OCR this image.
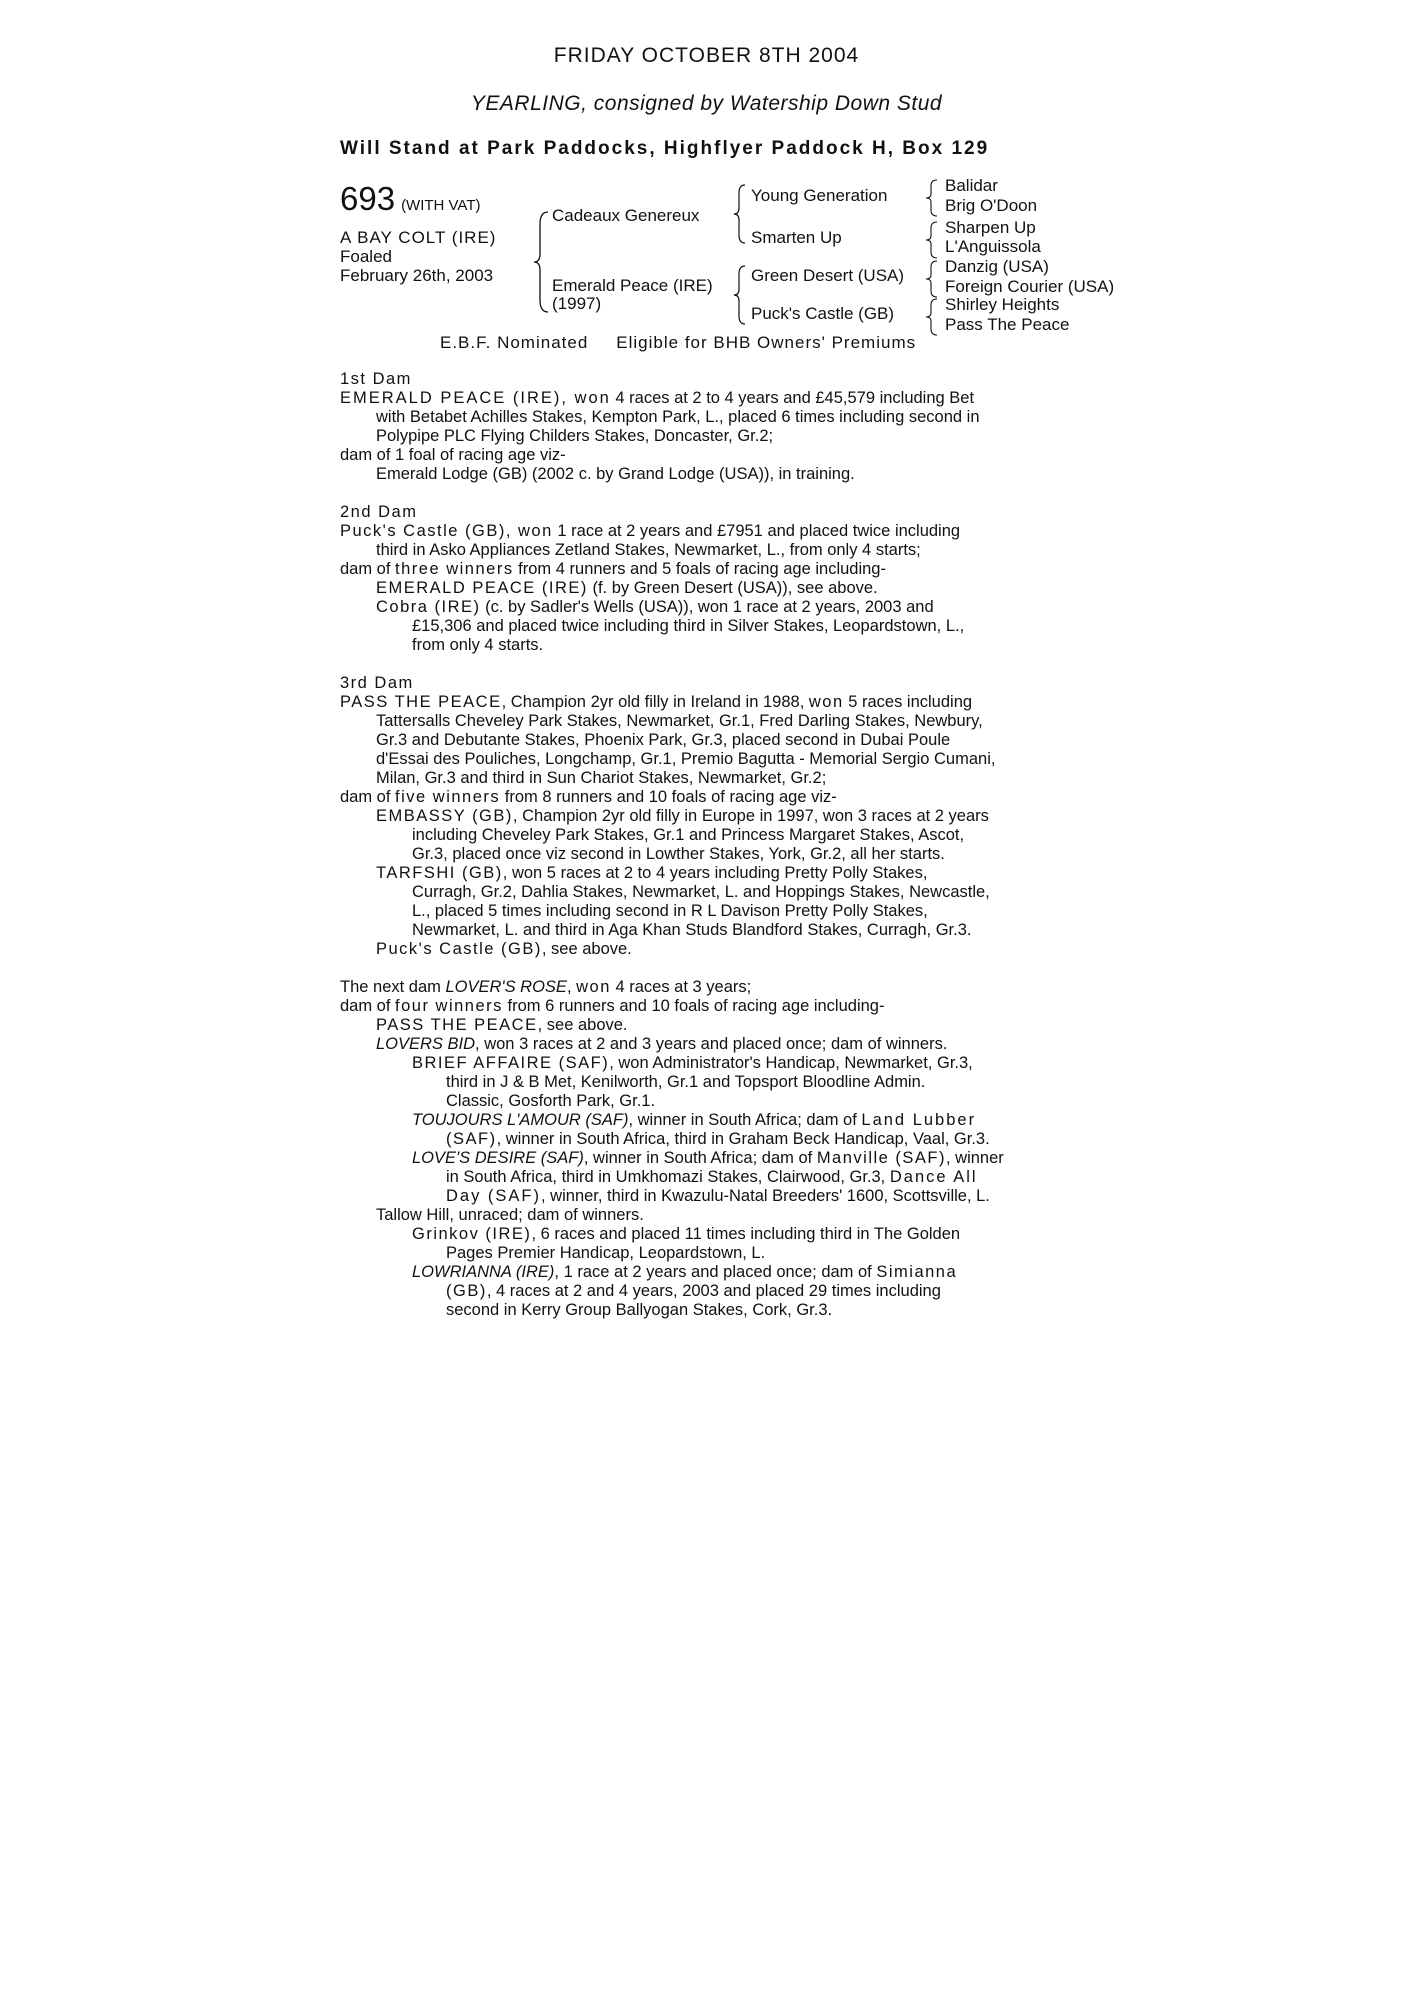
FRIDAY OCTOBER 8TH 2004
YEARLING, consigned by Watership Down Stud
Will Stand at Park Paddocks, Highflyer Paddock H, Box 129
693 (WITH VAT)
A BAY COLT (IRE)
Foaled
February 26th, 2003
Cadeaux Genereux
Emerald Peace (IRE)
(1997)
Young Generation
Smarten Up
Green Desert (USA)
Puck's Castle (GB)
Balidar
Brig O'Doon
Sharpen Up
L'Anguissola
Danzig (USA)
Foreign Courier (USA)
Shirley Heights
Pass The Peace
E.B.F. Nominated Eligible for BHB Owners' Premiums
1st Dam
EMERALD PEACE (IRE), won 4 races at 2 to 4 years and £45,579 including Bet
with Betabet Achilles Stakes, Kempton Park, L., placed 6 times including second in
Polypipe PLC Flying Childers Stakes, Doncaster, Gr.2;
dam of 1 foal of racing age viz-
Emerald Lodge (GB) (2002 c. by Grand Lodge (USA)), in training.
2nd Dam
Puck's Castle (GB), won 1 race at 2 years and £7951 and placed twice including
third in Asko Appliances Zetland Stakes, Newmarket, L., from only 4 starts;
dam of three winners from 4 runners and 5 foals of racing age including-
EMERALD PEACE (IRE) (f. by Green Desert (USA)), see above.
Cobra (IRE) (c. by Sadler's Wells (USA)), won 1 race at 2 years, 2003 and
£15,306 and placed twice including third in Silver Stakes, Leopardstown, L.,
from only 4 starts.
3rd Dam
PASS THE PEACE, Champion 2yr old filly in Ireland in 1988, won 5 races including
Tattersalls Cheveley Park Stakes, Newmarket, Gr.1, Fred Darling Stakes, Newbury,
Gr.3 and Debutante Stakes, Phoenix Park, Gr.3, placed second in Dubai Poule
d'Essai des Pouliches, Longchamp, Gr.1, Premio Bagutta - Memorial Sergio Cumani,
Milan, Gr.3 and third in Sun Chariot Stakes, Newmarket, Gr.2;
dam of five winners from 8 runners and 10 foals of racing age viz-
EMBASSY (GB), Champion 2yr old filly in Europe in 1997, won 3 races at 2 years
including Cheveley Park Stakes, Gr.1 and Princess Margaret Stakes, Ascot,
Gr.3, placed once viz second in Lowther Stakes, York, Gr.2, all her starts.
TARFSHI (GB), won 5 races at 2 to 4 years including Pretty Polly Stakes,
Curragh, Gr.2, Dahlia Stakes, Newmarket, L. and Hoppings Stakes, Newcastle,
L., placed 5 times including second in R L Davison Pretty Polly Stakes,
Newmarket, L. and third in Aga Khan Studs Blandford Stakes, Curragh, Gr.3.
Puck's Castle (GB), see above.
The next dam LOVER'S ROSE, won 4 races at 3 years;
dam of four winners from 6 runners and 10 foals of racing age including-
PASS THE PEACE, see above.
LOVERS BID, won 3 races at 2 and 3 years and placed once; dam of winners.
BRIEF AFFAIRE (SAF), won Administrator's Handicap, Newmarket, Gr.3,
third in J & B Met, Kenilworth, Gr.1 and Topsport Bloodline Admin.
Classic, Gosforth Park, Gr.1.
TOUJOURS L'AMOUR (SAF), winner in South Africa; dam of Land Lubber
(SAF), winner in South Africa, third in Graham Beck Handicap, Vaal, Gr.3.
LOVE'S DESIRE (SAF), winner in South Africa; dam of Manville (SAF), winner
in South Africa, third in Umkhomazi Stakes, Clairwood, Gr.3, Dance All
Day (SAF), winner, third in Kwazulu-Natal Breeders' 1600, Scottsville, L.
Tallow Hill, unraced; dam of winners.
Grinkov (IRE), 6 races and placed 11 times including third in The Golden
Pages Premier Handicap, Leopardstown, L.
LOWRIANNA (IRE), 1 race at 2 years and placed once; dam of Simianna
(GB), 4 races at 2 and 4 years, 2003 and placed 29 times including
second in Kerry Group Ballyogan Stakes, Cork, Gr.3.
